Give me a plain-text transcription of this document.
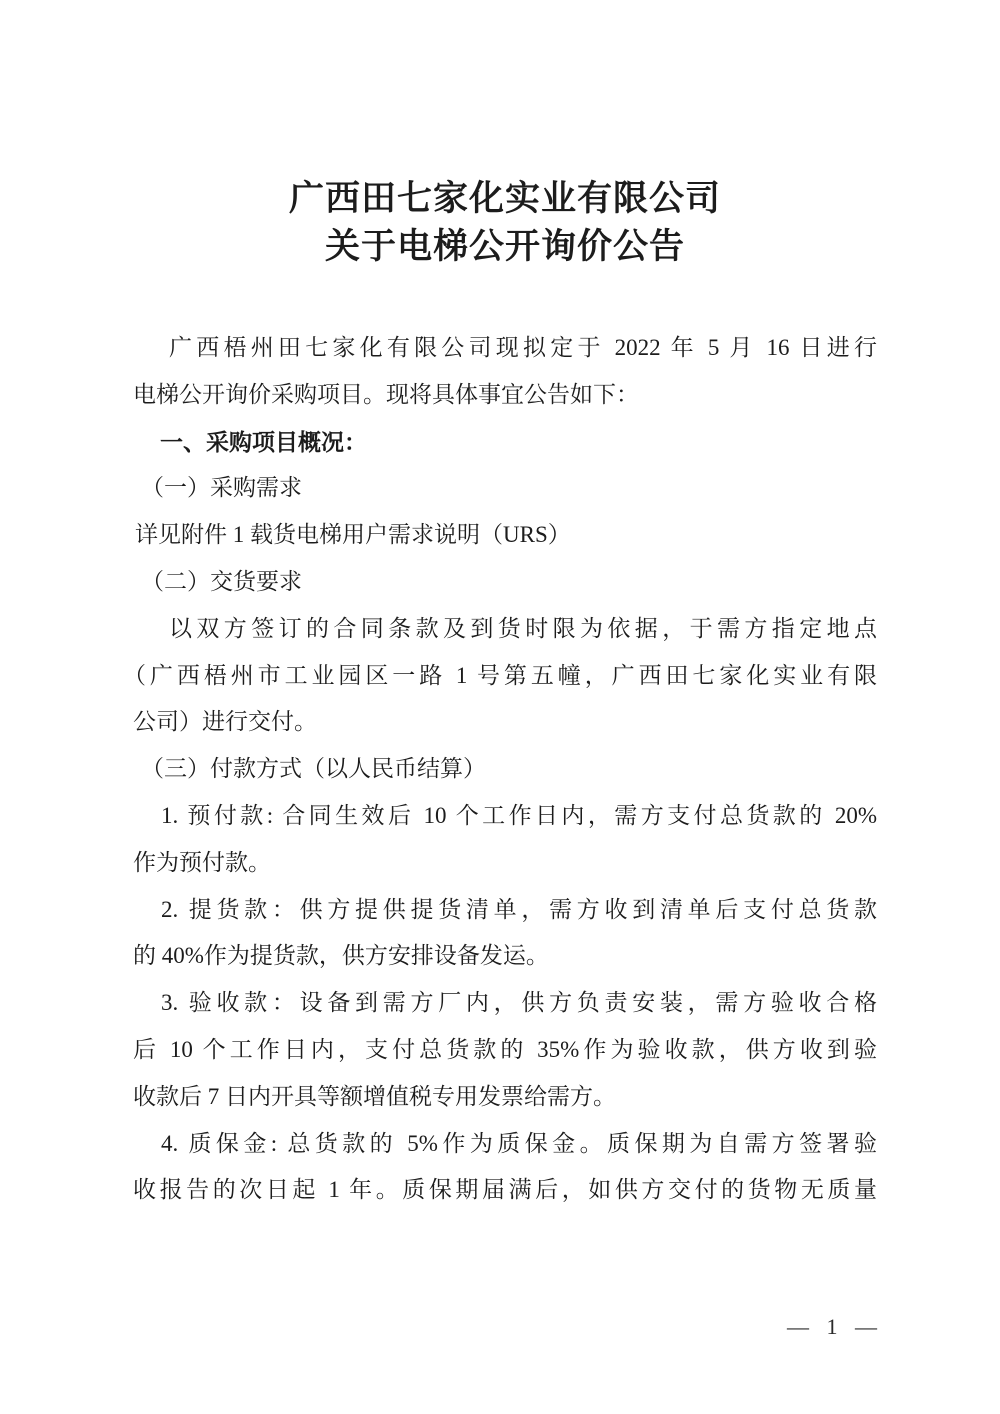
广西田七家化实业有限公司
关于电梯公开询价公告
广西梧州田七家化有限公司现拟定于 2022 年 5 月 16 日进行
电梯公开询价采购项目。现将具体事宜公告如下：
一、采购项目概况：
（一）采购需求
详见附件 1 载货电梯用户需求说明（URS）
（二）交货要求
以双方签订的合同条款及到货时限为依据，于需方指定地点
（广西梧州市工业园区一路 1 号第五幢，广西田七家化实业有限
公司）进行交付。
（三）付款方式（以人民币结算）
1. 预付款: 合同生效后 10 个工作日内，需方支付总货款的 20%
作为预付款。
2. 提货款：供方提供提货清单，需方收到清单后支付总货款
的 40%作为提货款，供方安排设备发运。
3. 验收款：设备到需方厂内，供方负责安装，需方验收合格
后 10 个工作日内，支付总货款的 35%作为验收款，供方收到验
收款后 7 日内开具等额增值税专用发票给需方。
4. 质保金: 总货款的 5%作为质保金。质保期为自需方签署验
收报告的次日起 1 年。质保期届满后，如供方交付的货物无质量
— 1 —
